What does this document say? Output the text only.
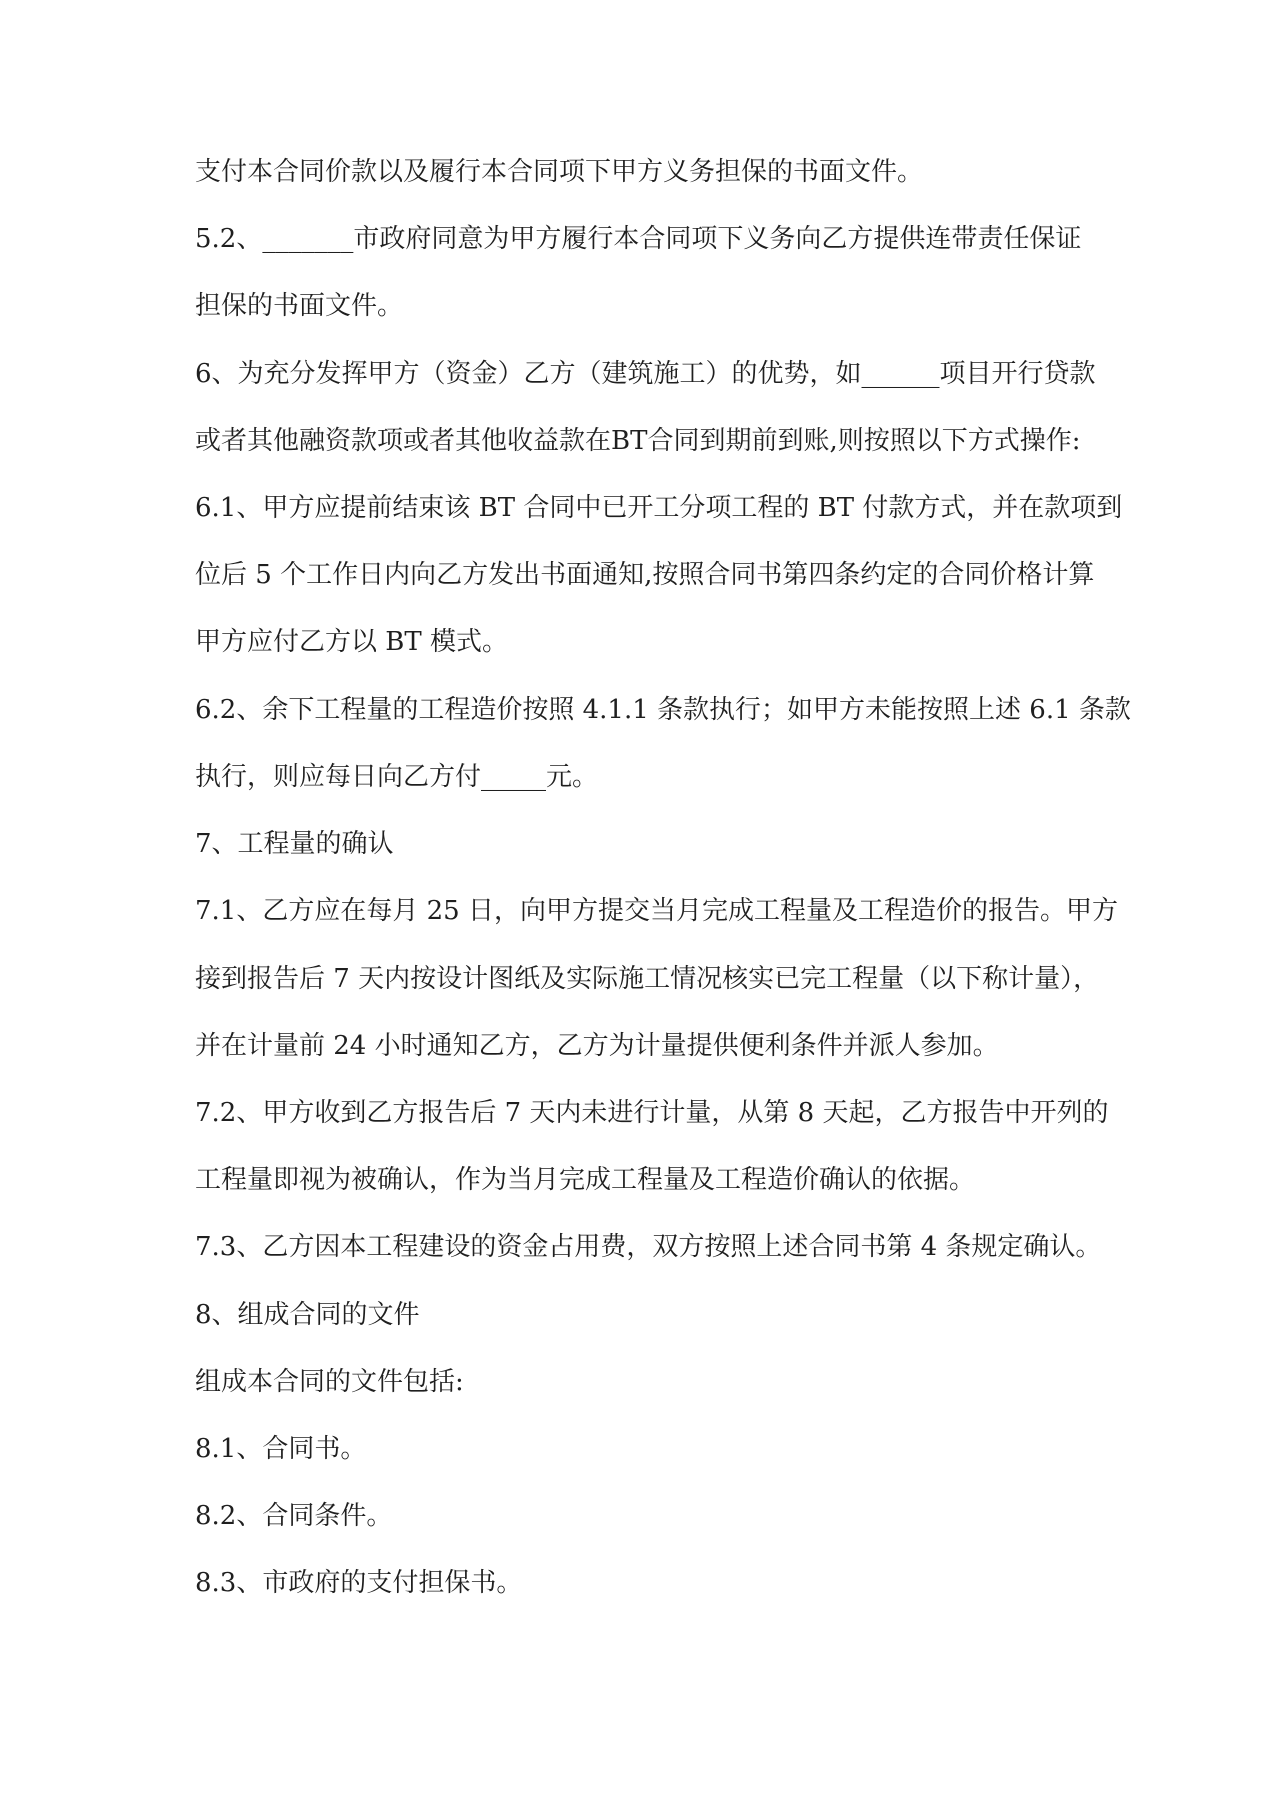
支付本合同价款以及履行本合同项下甲方义务担保的书面文件。
5.2、_______市政府同意为甲方履行本合同项下义务向乙方提供连带责任保证
担保的书面文件。
6、为充分发挥甲方（资金）乙方（建筑施工）的优势，如______项目开行贷款
或者其他融资款项或者其他收益款在BT合同到期前到账,则按照以下方式操作:
6.1、甲方应提前结束该 BT 合同中已开工分项工程的 BT 付款方式，并在款项到
位后 5 个工作日内向乙方发出书面通知,按照合同书第四条约定的合同价格计算
甲方应付乙方以 BT 模式。
6.2、余下工程量的工程造价按照 4.1.1 条款执行；如甲方未能按照上述 6.1 条款
执行，则应每日向乙方付_____元。
7、工程量的确认
7.1、乙方应在每月 25 日，向甲方提交当月完成工程量及工程造价的报告。甲方
接到报告后 7 天内按设计图纸及实际施工情况核实已完工程量（以下称计量），
并在计量前 24 小时通知乙方，乙方为计量提供便利条件并派人参加。
7.2、甲方收到乙方报告后 7 天内未进行计量，从第 8 天起，乙方报告中开列的
工程量即视为被确认，作为当月完成工程量及工程造价确认的依据。
7.3、乙方因本工程建设的资金占用费，双方按照上述合同书第 4 条规定确认。
8、组成合同的文件
组成本合同的文件包括:
8.1、合同书。
8.2、合同条件。
8.3、市政府的支付担保书。
